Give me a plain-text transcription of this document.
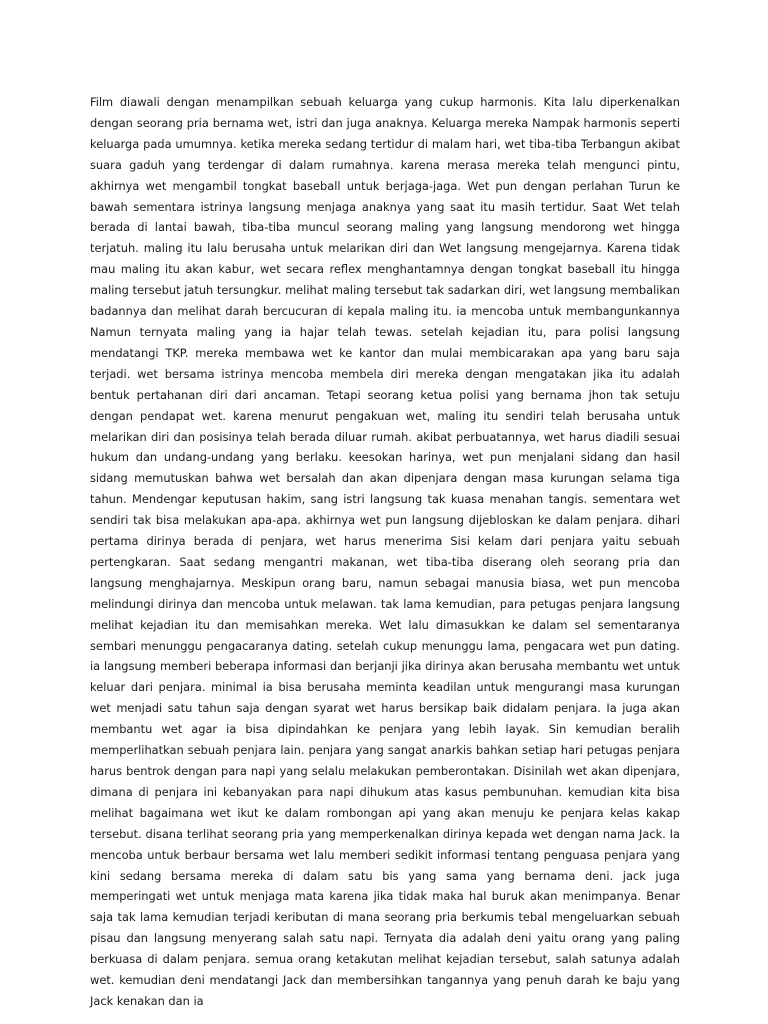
Film diawali dengan menampilkan sebuah keluarga yang cukup harmonis. Kita lalu diperkenalkan dengan seorang pria bernama wet, istri dan juga anaknya. Keluarga mereka Nampak harmonis seperti keluarga pada umumnya. ketika mereka sedang tertidur di malam hari, wet tiba-tiba Terbangun akibat suara gaduh yang terdengar di dalam rumahnya. karena merasa mereka telah mengunci pintu, akhirnya wet mengambil tongkat baseball untuk berjaga-jaga. Wet pun dengan perlahan Turun ke bawah sementara istrinya langsung menjaga anaknya yang saat itu masih tertidur. Saat Wet telah berada di lantai bawah, tiba-tiba muncul seorang maling yang langsung mendorong wet hingga terjatuh. maling itu lalu berusaha untuk melarikan diri dan Wet langsung mengejarnya. Karena tidak mau maling itu akan kabur, wet secara reflex menghantamnya dengan tongkat baseball itu hingga maling tersebut jatuh tersungkur. melihat maling tersebut tak sadarkan diri, wet langsung membalikan badannya dan melihat darah bercucuran di kepala maling itu. ia mencoba untuk membangunkannya Namun ternyata maling yang ia hajar telah tewas. setelah kejadian itu, para polisi langsung mendatangi TKP. mereka membawa wet ke kantor dan mulai membicarakan apa yang baru saja terjadi. wet bersama istrinya mencoba membela diri mereka dengan mengatakan jika itu adalah bentuk pertahanan diri dari ancaman. Tetapi seorang ketua polisi yang bernama jhon tak setuju dengan pendapat wet. karena menurut pengakuan wet, maling itu sendiri telah berusaha untuk melarikan diri dan posisinya telah berada diluar rumah. akibat perbuatannya, wet harus diadili sesuai hukum dan undang-undang yang berlaku. keesokan harinya, wet pun menjalani sidang dan hasil sidang memutuskan bahwa wet bersalah dan akan dipenjara dengan masa kurungan selama tiga tahun. Mendengar keputusan hakim, sang istri langsung tak kuasa menahan tangis. sementara wet sendiri tak bisa melakukan apa-apa. akhirnya wet pun langsung dijebloskan ke dalam penjara. dihari pertama dirinya berada di penjara, wet harus menerima Sisi kelam dari penjara yaitu sebuah pertengkaran. Saat sedang mengantri makanan, wet tiba-tiba diserang oleh seorang pria dan langsung menghajarnya. Meskipun orang baru, namun sebagai manusia biasa, wet pun mencoba melindungi dirinya dan mencoba untuk melawan. tak lama kemudian, para petugas penjara langsung melihat kejadian itu dan memisahkan mereka. Wet lalu dimasukkan ke dalam sel sementaranya sembari menunggu pengacaranya dating. setelah cukup menunggu lama, pengacara wet pun dating. ia langsung memberi beberapa informasi dan berjanji jika dirinya akan berusaha membantu wet untuk keluar dari penjara. minimal ia bisa berusaha meminta keadilan untuk mengurangi masa kurungan wet menjadi satu tahun saja dengan syarat wet harus bersikap baik didalam penjara. Ia juga akan membantu wet agar ia bisa dipindahkan ke penjara yang lebih layak. Sin kemudian beralih memperlihatkan sebuah penjara lain. penjara yang sangat anarkis bahkan setiap hari petugas penjara harus bentrok dengan para napi yang selalu melakukan pemberontakan. Disinilah wet akan dipenjara, dimana di penjara ini kebanyakan para napi dihukum atas kasus pembunuhan. kemudian kita bisa melihat bagaimana wet ikut ke dalam rombongan api yang akan menuju ke penjara kelas kakap tersebut. disana terlihat seorang pria yang memperkenalkan dirinya kepada wet dengan nama Jack. Ia mencoba untuk berbaur bersama wet lalu memberi sedikit informasi tentang penguasa penjara yang kini sedang bersama mereka di dalam satu bis yang sama yang bernama deni. jack juga memperingati wet untuk menjaga mata karena jika tidak maka hal buruk akan menimpanya. Benar saja tak lama kemudian terjadi keributan di mana seorang pria berkumis tebal mengeluarkan sebuah pisau dan langsung menyerang salah satu napi. Ternyata dia adalah deni yaitu orang yang paling berkuasa di dalam penjara. semua orang ketakutan melihat kejadian tersebut, salah satunya adalah wet. kemudian deni mendatangi Jack dan membersihkan tangannya yang penuh darah ke baju yang Jack kenakan dan ia
